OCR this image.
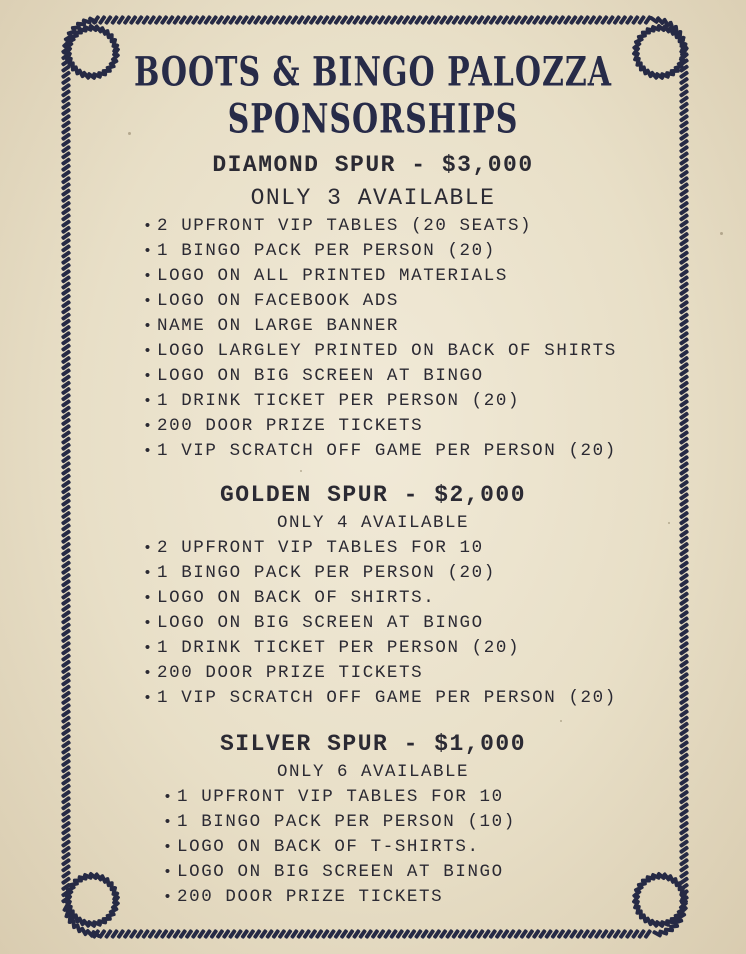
BOOTS & BINGO PALOZZA
SPONSORSHIPS
DIAMOND SPUR - $3,000
ONLY 3 AVAILABLE
• 2 UPFRONT VIP TABLES (20 SEATS)
• 1 BINGO PACK PER PERSON (20)
• LOGO ON ALL PRINTED MATERIALS
• LOGO ON FACEBOOK ADS
• NAME ON LARGE BANNER
• LOGO LARGLEY PRINTED ON BACK OF SHIRTS
• LOGO ON BIG SCREEN AT BINGO
• 1 DRINK TICKET PER PERSON (20)
• 200 DOOR PRIZE TICKETS
• 1 VIP SCRATCH OFF GAME PER PERSON (20)
GOLDEN SPUR - $2,000
ONLY 4 AVAILABLE
• 2 UPFRONT VIP TABLES FOR 10
• 1 BINGO PACK PER PERSON (20)
• LOGO ON BACK OF SHIRTS.
• LOGO ON BIG SCREEN AT BINGO
• 1 DRINK TICKET PER PERSON (20)
• 200 DOOR PRIZE TICKETS
• 1 VIP SCRATCH OFF GAME PER PERSON (20)
SILVER SPUR - $1,000
ONLY 6 AVAILABLE
• 1 UPFRONT VIP TABLES FOR 10
• 1 BINGO PACK PER PERSON (10)
• LOGO ON BACK OF T-SHIRTS.
• LOGO ON BIG SCREEN AT BINGO
• 200 DOOR PRIZE TICKETS
